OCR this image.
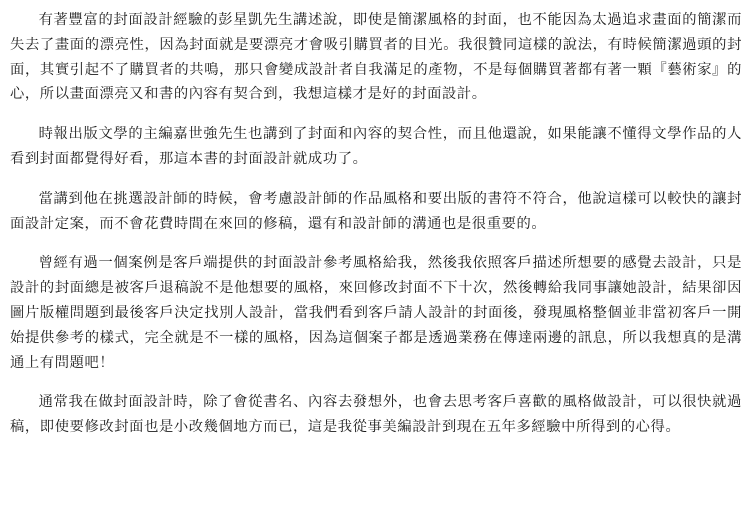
有著豐富的封面設計經驗的彭星凱先生講述說，即使是簡潔風格的封面，也不能因為太過追求畫面的簡潔而失去了畫面的漂亮性，因為封面就是要漂亮才會吸引購買者的目光。我很贊同這樣的說法，有時候簡潔過頭的封面，其實引起不了購買者的共鳴，那只會變成設計者自我滿足的產物，不是每個購買著都有著一顆『藝術家』的心，所以畫面漂亮又和書的內容有契合到，我想這樣才是好的封面設計。

時報出版文學的主編嘉世強先生也講到了封面和內容的契合性，而且他還說，如果能讓不懂得文學作品的人看到封面都覺得好看，那這本書的封面設計就成功了。

當講到他在挑選設計師的時候，會考慮設計師的作品風格和要出版的書符不符合，他說這樣可以較快的讓封面設計定案，而不會花費時間在來回的修稿，還有和設計師的溝通也是很重要的。

曾經有過一個案例是客戶端提供的封面設計參考風格給我，然後我依照客戶描述所想要的感覺去設計，只是設計的封面總是被客戶退稿說不是他想要的風格，來回修改封面不下十次，然後轉給我同事讓她設計，結果卻因圖片版權問題到最後客戶決定找別人設計，當我們看到客戶請人設計的封面後，發現風格整個並非當初客戶一開始提供參考的樣式，完全就是不一樣的風格，因為這個案子都是透過業務在傳達兩邊的訊息，所以我想真的是溝通上有問題吧！

通常我在做封面設計時，除了會從書名、內容去發想外，也會去思考客戶喜歡的風格做設計，可以很快就過稿，即使要修改封面也是小改幾個地方而已，這是我從事美編設計到現在五年多經驗中所得到的心得。
